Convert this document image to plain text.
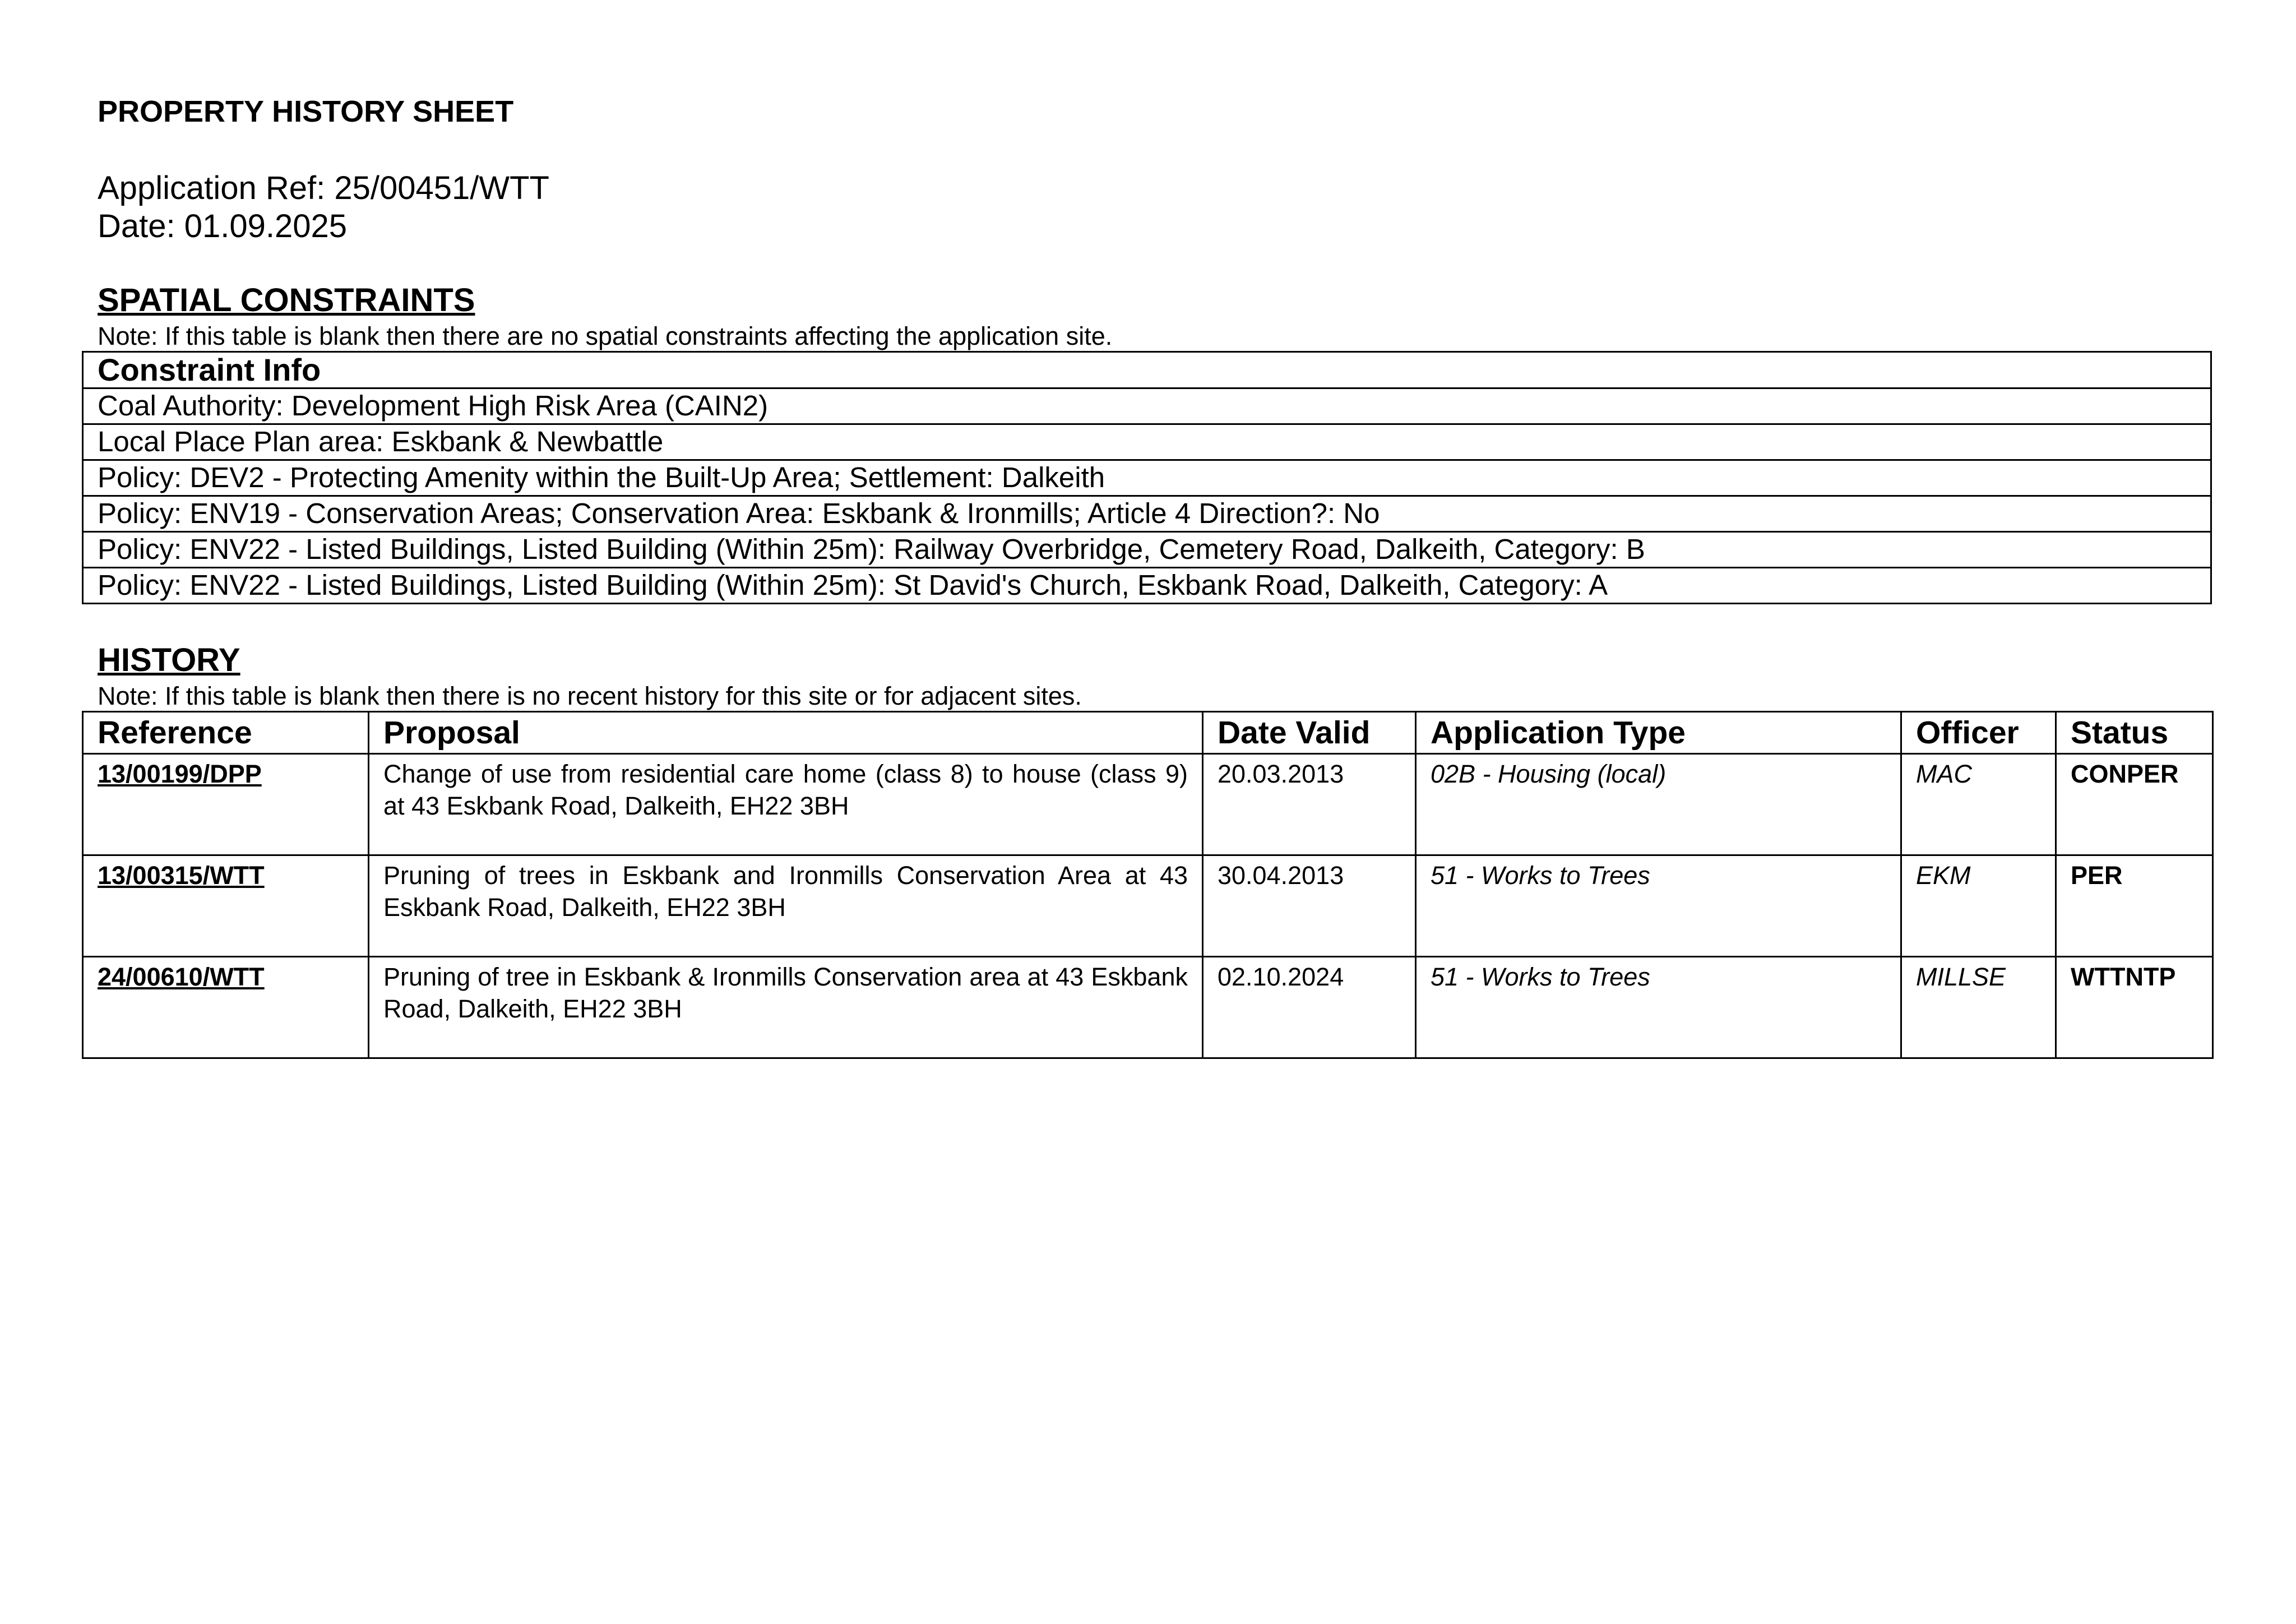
PROPERTY HISTORY SHEET
Application Ref: 25/00451/WTT
Date: 01.09.2025
SPATIAL CONSTRAINTS
Note: If this table is blank then there are no spatial constraints affecting the application site.
Constraint Info
Coal Authority: Development High Risk Area (CAIN2)
Local Place Plan area: Eskbank & Newbattle
Policy: DEV2 - Protecting Amenity within the Built-Up Area; Settlement: Dalkeith
Policy: ENV19 - Conservation Areas; Conservation Area: Eskbank & Ironmills; Article 4 Direction?: No
Policy: ENV22 - Listed Buildings, Listed Building (Within 25m): Railway Overbridge, Cemetery Road, Dalkeith, Category: B
Policy: ENV22 - Listed Buildings, Listed Building (Within 25m): St David's Church, Eskbank Road, Dalkeith, Category: A
HISTORY
Note: If this table is blank then there is no recent history for this site or for adjacent sites.
Reference	Proposal	Date Valid	Application Type	Officer	Status
13/00199/DPP	Change of use from residential care home (class 8) to house (class 9) at 43 Eskbank Road, Dalkeith, EH22 3BH	20.03.2013	02B - Housing (local)	MAC	CONPER
13/00315/WTT	Pruning of trees in Eskbank and Ironmills Conservation Area at 43 Eskbank Road, Dalkeith, EH22 3BH	30.04.2013	51 - Works to Trees	EKM	PER
24/00610/WTT	Pruning of tree in Eskbank & Ironmills Conservation area at 43 Eskbank Road, Dalkeith, EH22 3BH	02.10.2024	51 - Works to Trees	MILLSE	WTTNTP
